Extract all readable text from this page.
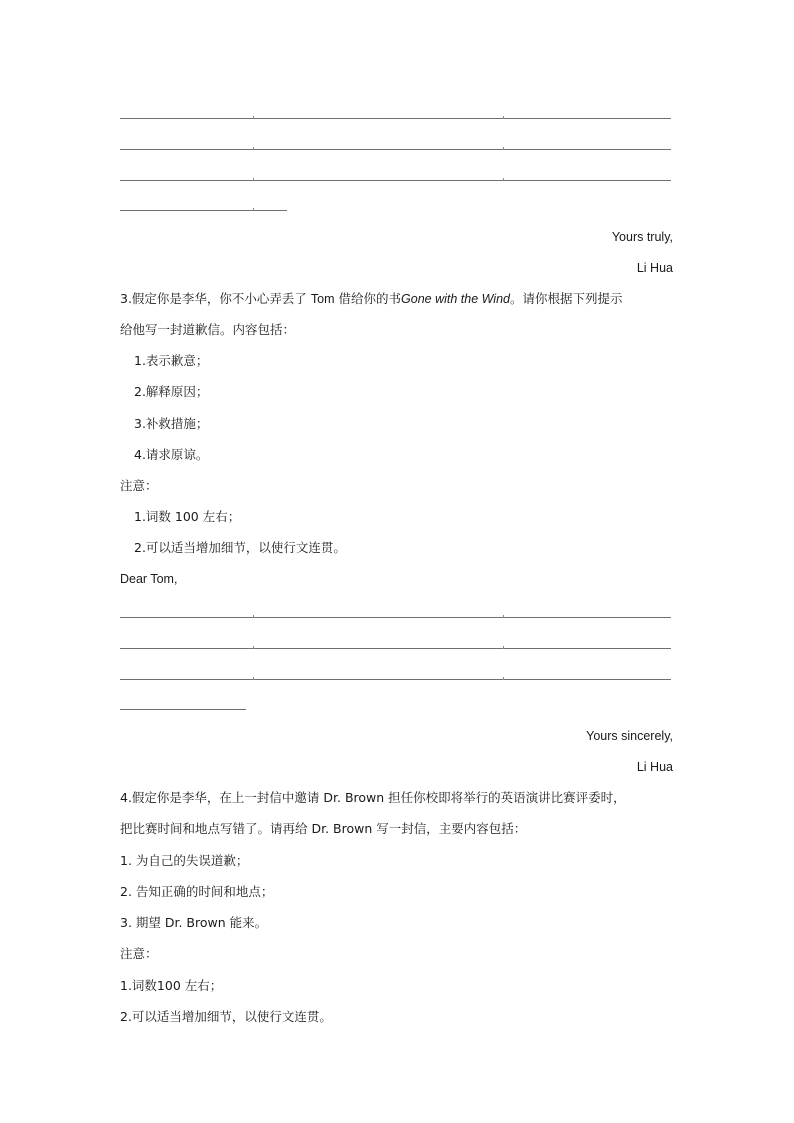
Yours truly,
Li Hua
3.假定你是李华，你不小心弄丢了 Tom 借给你的书Gone with the Wind。请你根据下列提示
给他写一封道歉信。内容包括：
1.表示歉意；
2.解释原因；
3.补救措施；
4.请求原谅。
注意：
1.词数 100 左右；
2.可以适当增加细节，以使行文连贯。
Dear Tom,
Yours sincerely,
Li Hua
4.假定你是李华，在上一封信中邀请 Dr. Brown 担任你校即将举行的英语演讲比赛评委时，
把比赛时间和地点写错了。请再给 Dr. Brown 写一封信，主要内容包括：
1. 为自己的失误道歉；
2. 告知正确的时间和地点；
3. 期望 Dr. Brown 能来。
注意：
1.词数100 左右；
2.可以适当增加细节，以使行文连贯。
